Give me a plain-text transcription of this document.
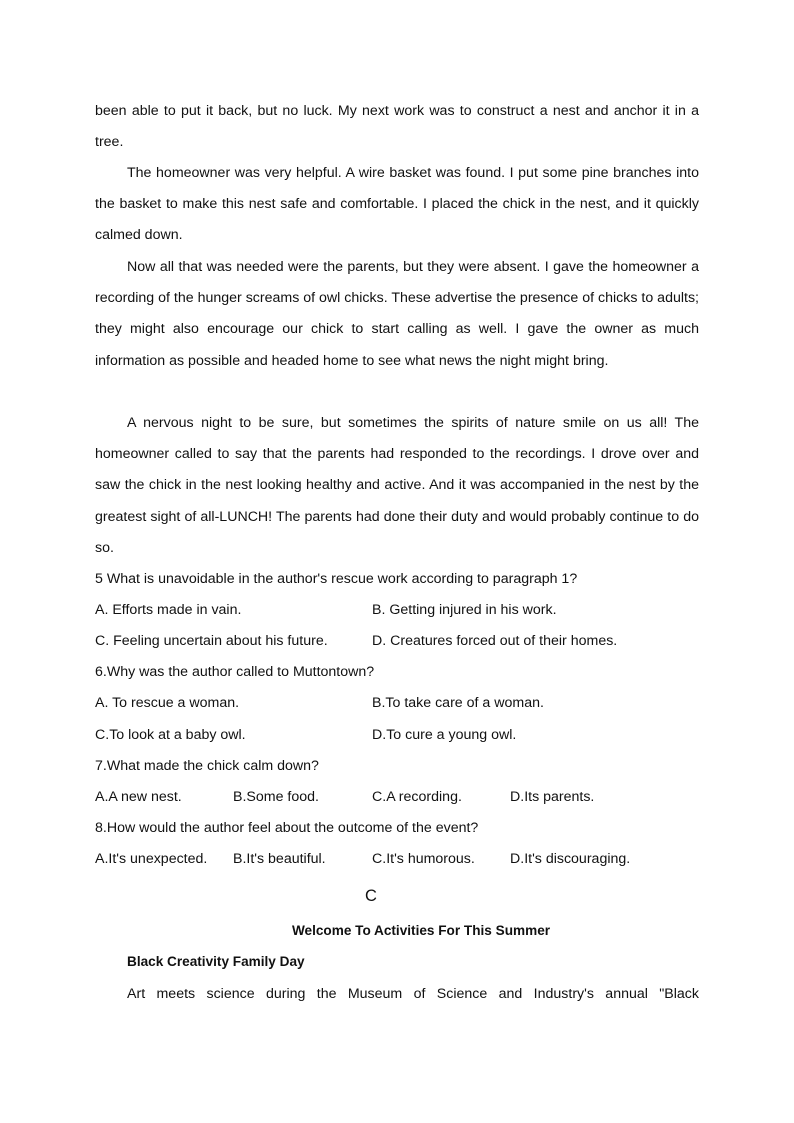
been able to put it back, but no luck. My next work was to construct a nest and anchor it in a tree.

The homeowner was very helpful. A wire basket was found. I put some pine branches into the basket to make this nest safe and comfortable. I placed the chick in the nest, and it quickly calmed down.

Now all that was needed were the parents, but they were absent. I gave the homeowner a recording of the hunger screams of owl chicks. These advertise the presence of chicks to adults; they might also encourage our chick to start calling as well. I gave the owner as much information as possible and headed home to see what news the night might bring.

A nervous night to be sure, but sometimes the spirits of nature smile on us all! The homeowner called to say that the parents had responded to the recordings. I drove over and saw the chick in the nest looking healthy and active. And it was accompanied in the nest by the greatest sight of all-LUNCH! The parents had done their duty and would probably continue to do so.

5 What is unavoidable in the author's rescue work according to paragraph 1?
A. Efforts made in vain.	B. Getting injured in his work.
C. Feeling uncertain about his future.	D. Creatures forced out of their homes.
6.Why was the author called to Muttontown?
A. To rescue a woman.	B.To take care of a woman.
C.To look at a baby owl.	D.To cure a young owl.
7.What made the chick calm down?
A.A new nest.	B.Some food.	C.A recording.	D.Its parents.
8.How would the author feel about the outcome of the event?
A.It's unexpected. B.It's beautiful.	C.It's humorous. D.It's discouraging.
C
Welcome To Activities For This Summer
Black Creativity Family Day
Art meets science during the Museum of Science and Industry's annual "Black
